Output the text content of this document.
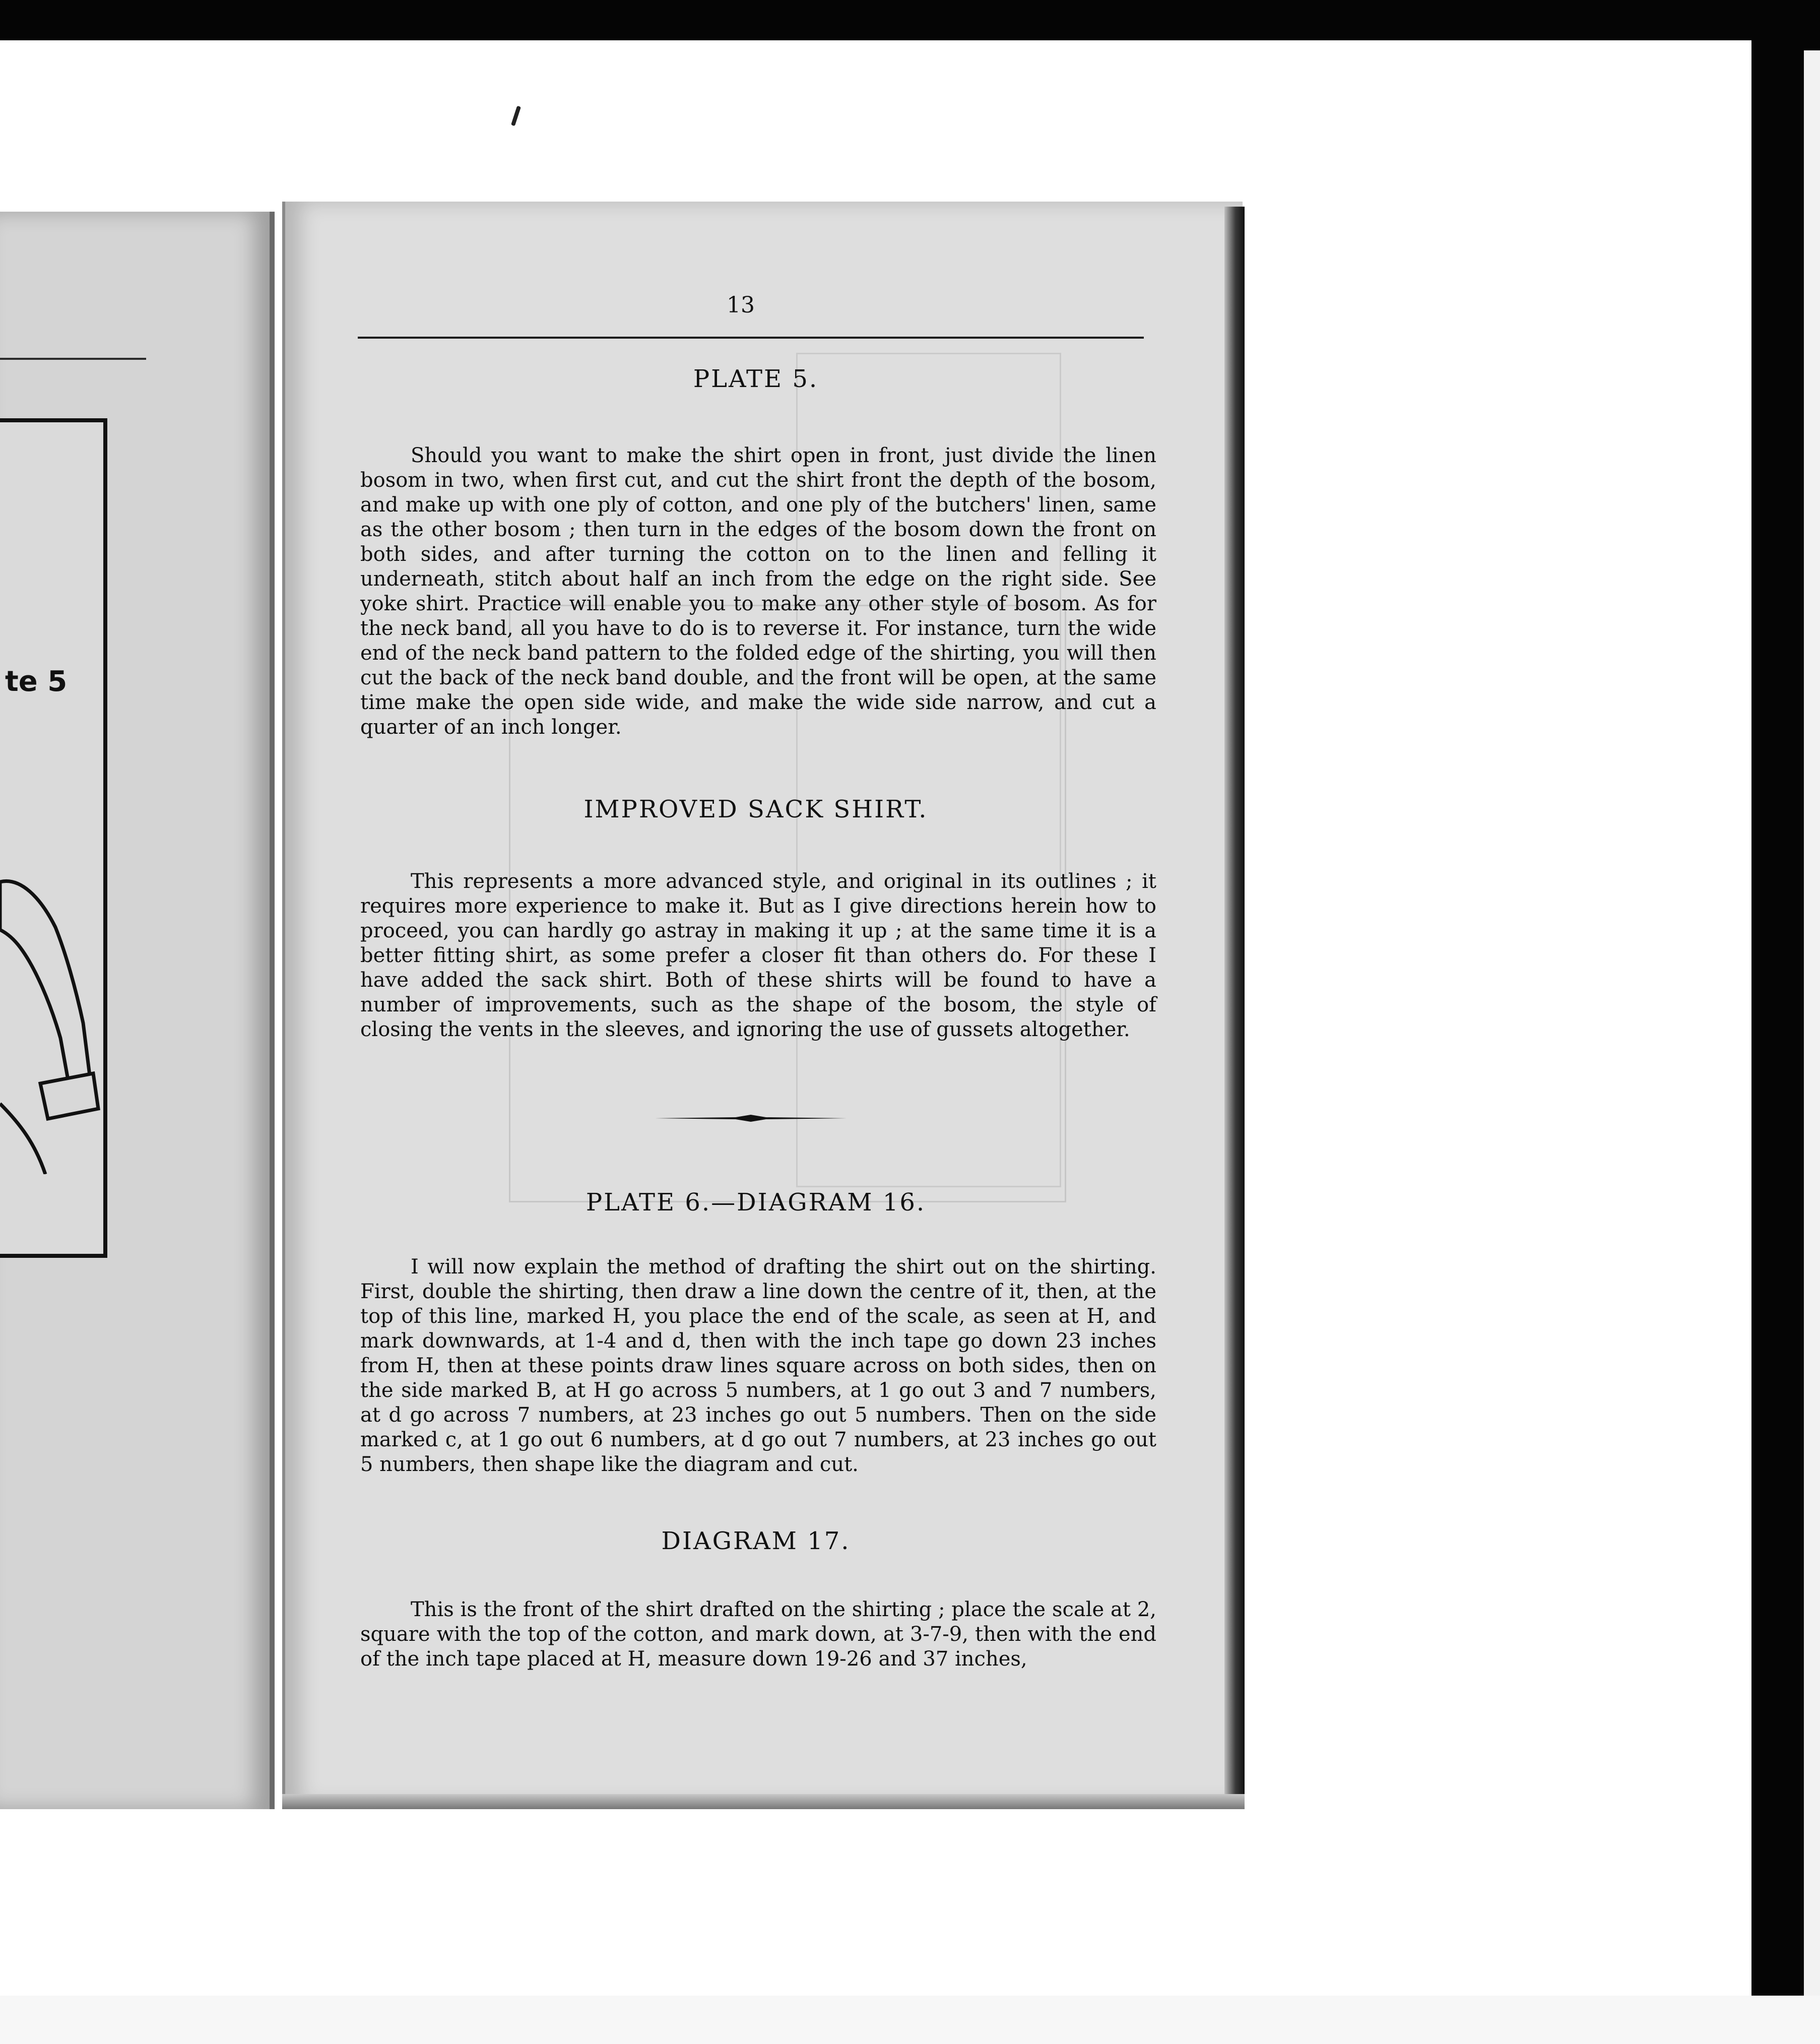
te 5
13
PLATE 5.

Should you want to make the shirt open in front, just divide the linen bosom in two, when first cut, and cut the shirt front the depth of the bosom, and make up with one ply of cotton, and one ply of the butchers' linen, same as the other bosom ; then turn in the edges of the bosom down the front on both sides, and after turning the cotton on to the linen and felling it underneath, stitch about half an inch from the edge on the right side. See yoke shirt. Practice will enable you to make any other style of bosom. As for the neck band, all you have to do is to reverse it. For instance, turn the wide end of the neck band pattern to the folded edge of the shirting, you will then cut the back of the neck band double, and the front will be open, at the same time make the open side wide, and make the wide side narrow, and cut a quarter of an inch longer.

IMPROVED SACK SHIRT.

This represents a more advanced style, and original in its outlines ; it requires more experience to make it. But as I give directions herein how to proceed, you can hardly go astray in making it up ; at the same time it is a better fitting shirt, as some prefer a closer fit than others do. For these I have added the sack shirt. Both of these shirts will be found to have a number of improvements, such as the shape of the bosom, the style of closing the vents in the sleeves, and ignoring the use of gussets altogether.

PLATE 6.—DIAGRAM 16.

I will now explain the method of drafting the shirt out on the shirting. First, double the shirting, then draw a line down the centre of it, then, at the top of this line, marked H, you place the end of the scale, as seen at H, and mark downwards, at 1-4 and d, then with the inch tape go down 23 inches from H, then at these points draw lines square across on both sides, then on the side marked B, at H go across 5 numbers, at 1 go out 3 and 7 numbers, at d go across 7 numbers, at 23 inches go out 5 numbers. Then on the side marked c, at 1 go out 6 numbers, at d go out 7 numbers, at 23 inches go out 5 numbers, then shape like the diagram and cut.

DIAGRAM 17.

This is the front of the shirt drafted on the shirting ; place the scale at 2, square with the top of the cotton, and mark down, at 3-7-9, then with the end of the inch tape placed at H, measure down 19-26 and 37 inches,
